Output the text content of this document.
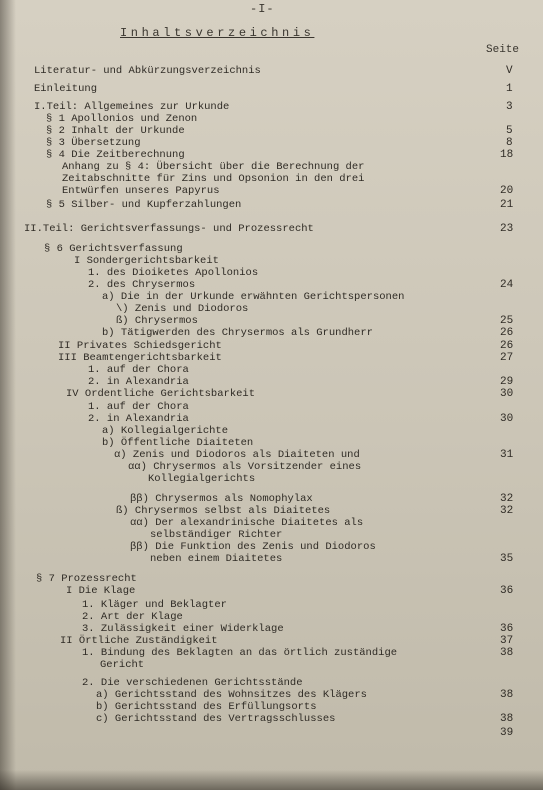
-I-
Inhaltsverzeichnis
Seite
Literatur- und Abkürzungsverzeichnis	V
Einleitung	1
I.Teil: Allgemeines zur Urkunde	3
§ 1 Apollonios und Zenon
§ 2 Inhalt der Urkunde	5
§ 3 Übersetzung	8
§ 4 Die Zeitberechnung	18
Anhang zu § 4: Übersicht über die Berechnung der
Zeitabschnitte für Zins und Opsonion in den drei
Entwürfen unseres Papyrus	20
§ 5 Silber- und Kupferzahlungen	21
II.Teil: Gerichtsverfassungs- und Prozessrecht	23
§ 6 Gerichtsverfassung
I Sondergerichtsbarkeit
1. des Dioiketes Apollonios
2. des Chrysermos	24
a) Die in der Urkunde erwähnten Gerichtspersonen
\) Zenis und Diodoros
ß) Chrysermos	25
b) Tätigwerden des Chrysermos als Grundherr	26
II Privates Schiedsgericht	26
III Beamtengerichtsbarkeit	27
1. auf der Chora
2. in Alexandria	29
IV Ordentliche Gerichtsbarkeit	30
1. auf der Chora
2. in Alexandria	30
a) Kollegialgerichte
b) Öffentliche Diaiteten
α) Zenis und Diodoros als Diaiteten und	31
αα) Chrysermos als Vorsitzender eines
Kollegialgerichts
ββ) Chrysermos als Nomophylax	32
ß) Chrysermos selbst als Diaitetes	32
αα) Der alexandrinische Diaitetes als
selbständiger Richter
ββ) Die Funktion des Zenis und Diodoros
neben einem Diaitetes	35
§ 7 Prozessrecht
I Die Klage	36
1. Kläger und Beklagter
2. Art der Klage
3. Zulässigkeit einer Widerklage	36
II Örtliche Zuständigkeit	37
1. Bindung des Beklagten an das örtlich zuständige	38
Gericht
2. Die verschiedenen Gerichtsstände
a) Gerichtsstand des Wohnsitzes des Klägers	38
b) Gerichtsstand des Erfüllungsorts
c) Gerichtsstand des Vertragsschlusses	38
39
